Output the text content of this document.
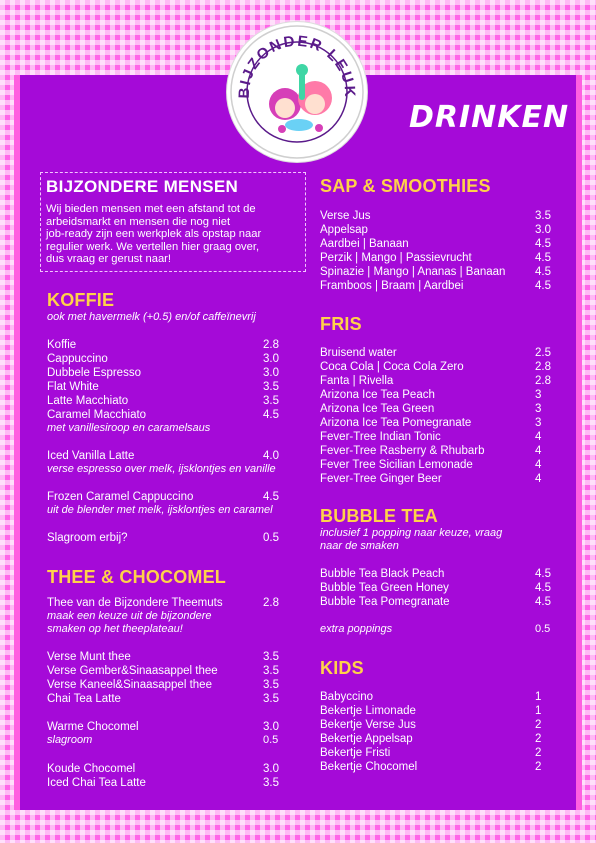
BIJZONDER LEUK
DRINKEN
BIJZONDERE MENSEN

Wij bieden mensen met een afstand tot de
arbeidsmarkt en mensen die nog niet
job-ready zijn een werkplek als opstap naar
regulier werk. We vertellen hier graag over,
dus vraag er gerust naar!

KOFFIE
ook met havermelk (+0.5) en/of caffeïnevrij
Koffie	2.8
Cappuccino	3.0
Dubbele Espresso	3.0
Flat White	3.5
Latte Macchiato	3.5
Caramel Macchiato	4.5
met vanillesiroop en caramelsaus
Iced Vanilla Latte	4.0
verse espresso over melk, ijsklontjes en vanille
Frozen Caramel Cappuccino	4.5
uit de blender met melk, ijsklontjes en caramel
Slagroom erbij?	0.5
THEE & CHOCOMEL
Thee van de Bijzondere Theemuts	2.8
maak een keuze uit de bijzondere
smaken op het theeplateau!
Verse Munt thee	3.5
Verse Gember&Sinaasappel thee	3.5
Verse Kaneel&Sinaasappel thee	3.5
Chai Tea Latte	3.5
Warme Chocomel	3.0
slagroom	0.5
Koude Chocomel	3.0
Iced Chai Tea Latte	3.5
SAP & SMOOTHIES
Verse Jus	3.5
Appelsap	3.0
Aardbei | Banaan	4.5
Perzik | Mango | Passievrucht	4.5
Spinazie | Mango | Ananas | Banaan	4.5
Framboos | Braam | Aardbei	4.5
FRIS
Bruisend water	2.5
Coca Cola | Coca Cola Zero	2.8
Fanta | Rivella	2.8
Arizona Ice Tea Peach	3
Arizona Ice Tea Green	3
Arizona Ice Tea Pomegranate	3
Fever-Tree Indian Tonic	4
Fever-Tree Rasberry & Rhubarb	4
Fever Tree Sicilian Lemonade	4
Fever-Tree Ginger Beer	4
BUBBLE TEA
inclusief 1 popping naar keuze, vraag
naar de smaken
Bubble Tea Black Peach	4.5
Bubble Tea Green Honey	4.5
Bubble Tea Pomegranate	4.5
extra poppings	0.5
KIDS
Babyccino	1
Bekertje Limonade	1
Bekertje Verse Jus	2
Bekertje Appelsap	2
Bekertje Fristi	2
Bekertje Chocomel	2
